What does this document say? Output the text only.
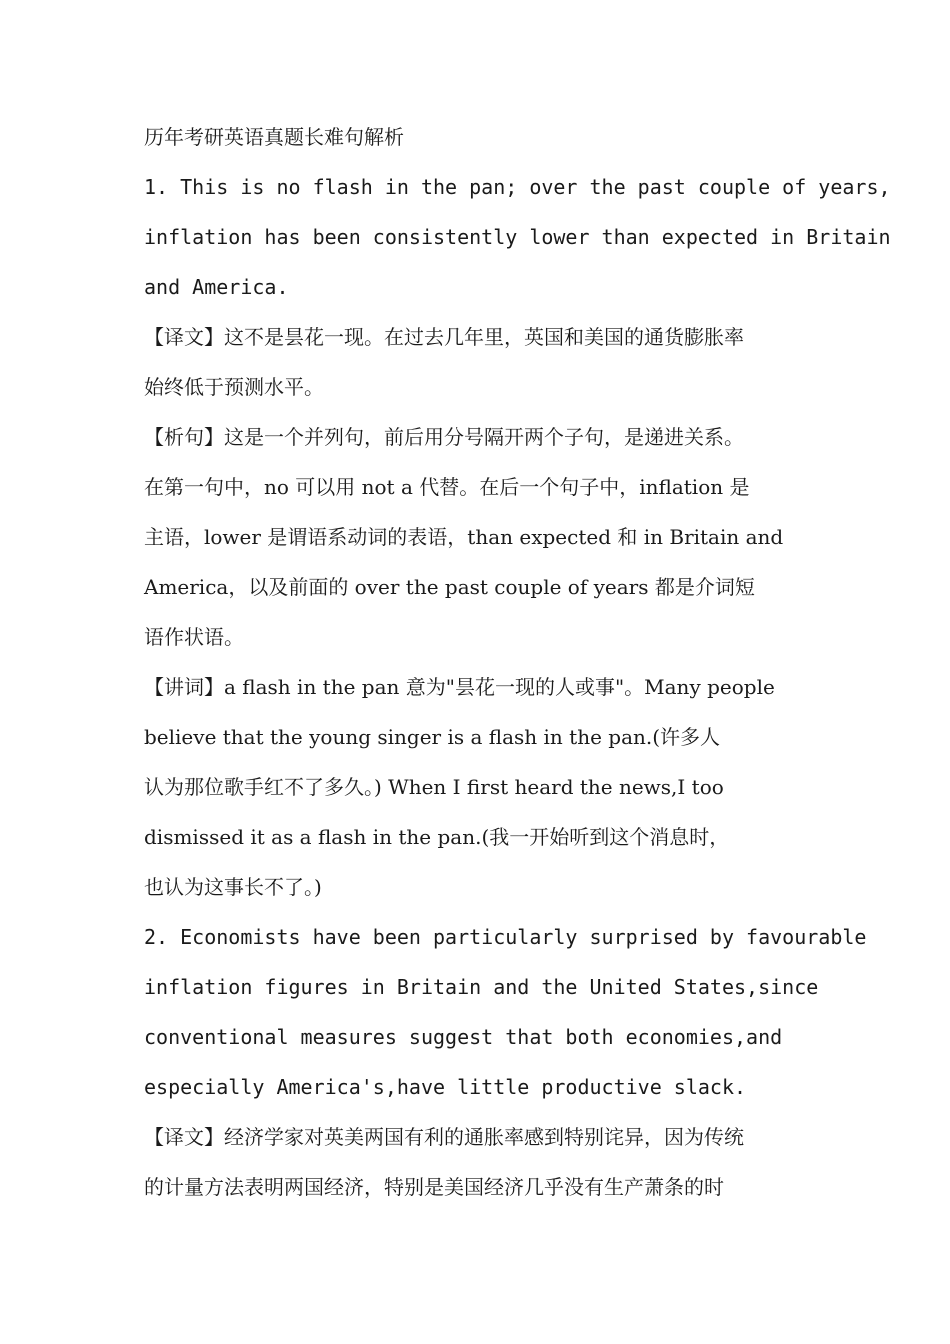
历年考研英语真题长难句解析
1. This is no flash in the pan; over the past couple of years,
inflation has been consistently lower than expected in Britain
and America.
【译文】这不是昙花一现。在过去几年里，英国和美国的通货膨胀率
始终低于预测水平。
【析句】这是一个并列句，前后用分号隔开两个子句，是递进关系。
在第一句中，no 可以用 not a 代替。在后一个句子中，inflation 是
主语，lower 是谓语系动词的表语，than expected 和 in Britain and
America，以及前面的 over the past couple of years 都是介词短
语作状语。
【讲词】a flash in the pan 意为"昙花一现的人或事"。Many people
believe that the young singer is a flash in the pan.(许多人
认为那位歌手红不了多久。) When I first heard the news,I too
dismissed it as a flash in the pan.(我一开始听到这个消息时，
也认为这事长不了。)
2. Economists have been particularly surprised by favourable
inflation figures in Britain and the United States,since
conventional measures suggest that both economies,and
especially America's,have little productive slack.
【译文】经济学家对英美两国有利的通胀率感到特别诧异，因为传统
的计量方法表明两国经济，特别是美国经济几乎没有生产萧条的时
